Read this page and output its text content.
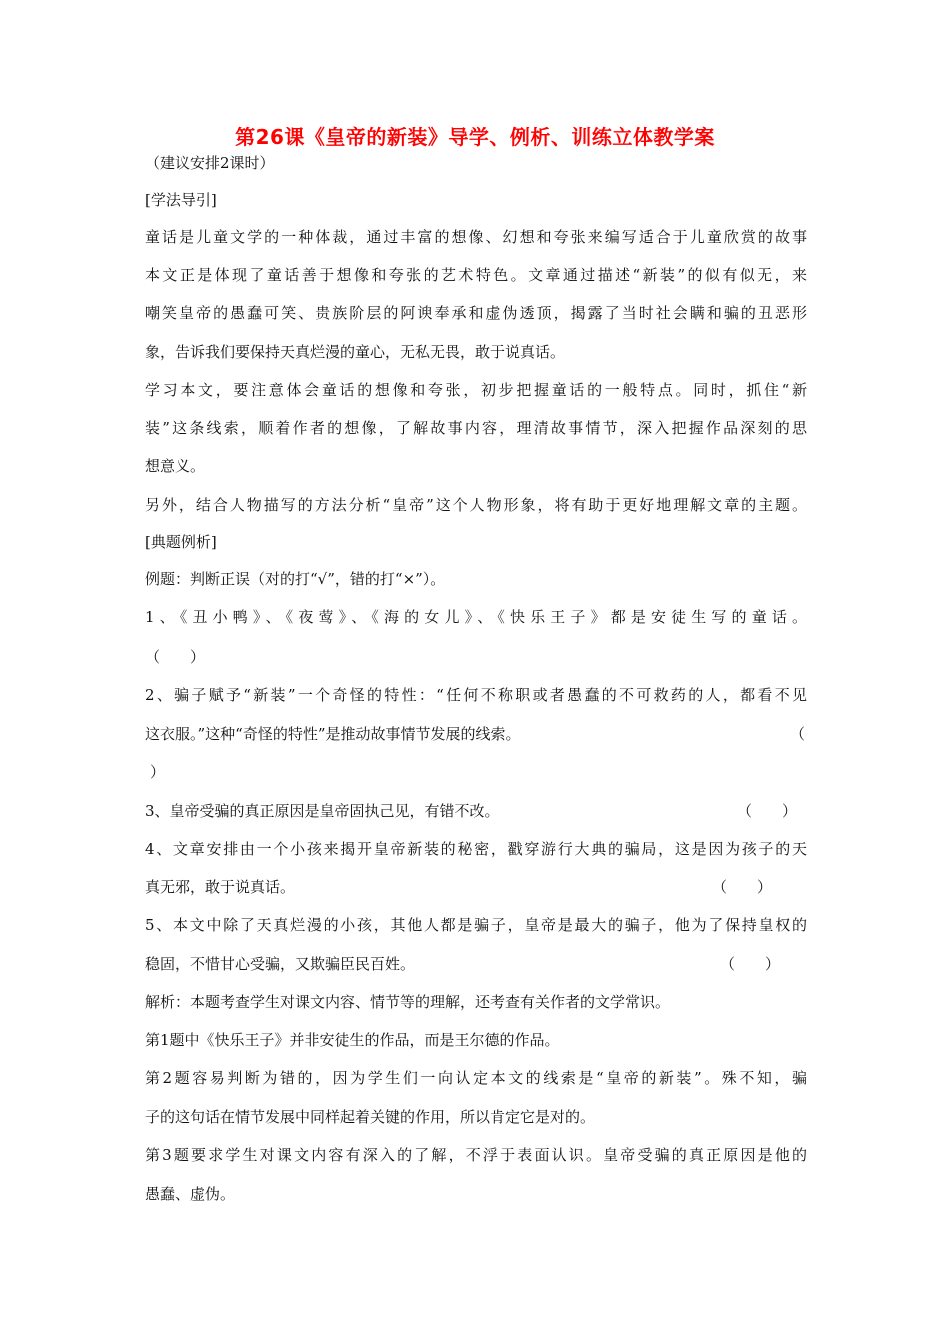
第26课《皇帝的新装》导学、例析、训练立体教学案
（建议安排2课时）
[学法导引]
童话是儿童文学的一种体裁，通过丰富的想像、幻想和夸张来编写适合于儿童欣赏的故事
本文正是体现了童话善于想像和夸张的艺术特色。文章通过描述“新装”的似有似无，来
嘲笑皇帝的愚蠢可笑、贵族阶层的阿谀奉承和虚伪透顶，揭露了当时社会瞒和骗的丑恶形
象，告诉我们要保持天真烂漫的童心，无私无畏，敢于说真话。
学习本文，要注意体会童话的想像和夸张，初步把握童话的一般特点。同时，抓住“新
装”这条线索，顺着作者的想像，了解故事内容，理清故事情节，深入把握作品深刻的思
想意义。
另外，结合人物描写的方法分析“皇帝”这个人物形象，将有助于更好地理解文章的主题。
[典题例析]
例题：判断正误（对的打“√”，错的打“×”）。
1、《丑小鸭》、《夜莺》、《海的女儿》、《快乐王子》都是安徒生写的童话。
（　　）
2、骗子赋予“新装”一个奇怪的特性：“任何不称职或者愚蠢的不可救药的人，都看不见
这衣服。”这种“奇怪的特性”是推动故事情节发展的线索。	（
）
3、皇帝受骗的真正原因是皇帝固执己见，有错不改。	（　　）
4、文章安排由一个小孩来揭开皇帝新装的秘密，戳穿游行大典的骗局，这是因为孩子的天
真无邪，敢于说真话。	（　　）
5、本文中除了天真烂漫的小孩，其他人都是骗子，皇帝是最大的骗子，他为了保持皇权的
稳固，不惜甘心受骗，又欺骗臣民百姓。	（　　）
解析：本题考查学生对课文内容、情节等的理解，还考查有关作者的文学常识。
第1题中《快乐王子》并非安徒生的作品，而是王尔德的作品。
第2题容易判断为错的，因为学生们一向认定本文的线索是“皇帝的新装”。殊不知，骗
子的这句话在情节发展中同样起着关键的作用，所以肯定它是对的。
第3题要求学生对课文内容有深入的了解，不浮于表面认识。皇帝受骗的真正原因是他的
愚蠢、虚伪。
